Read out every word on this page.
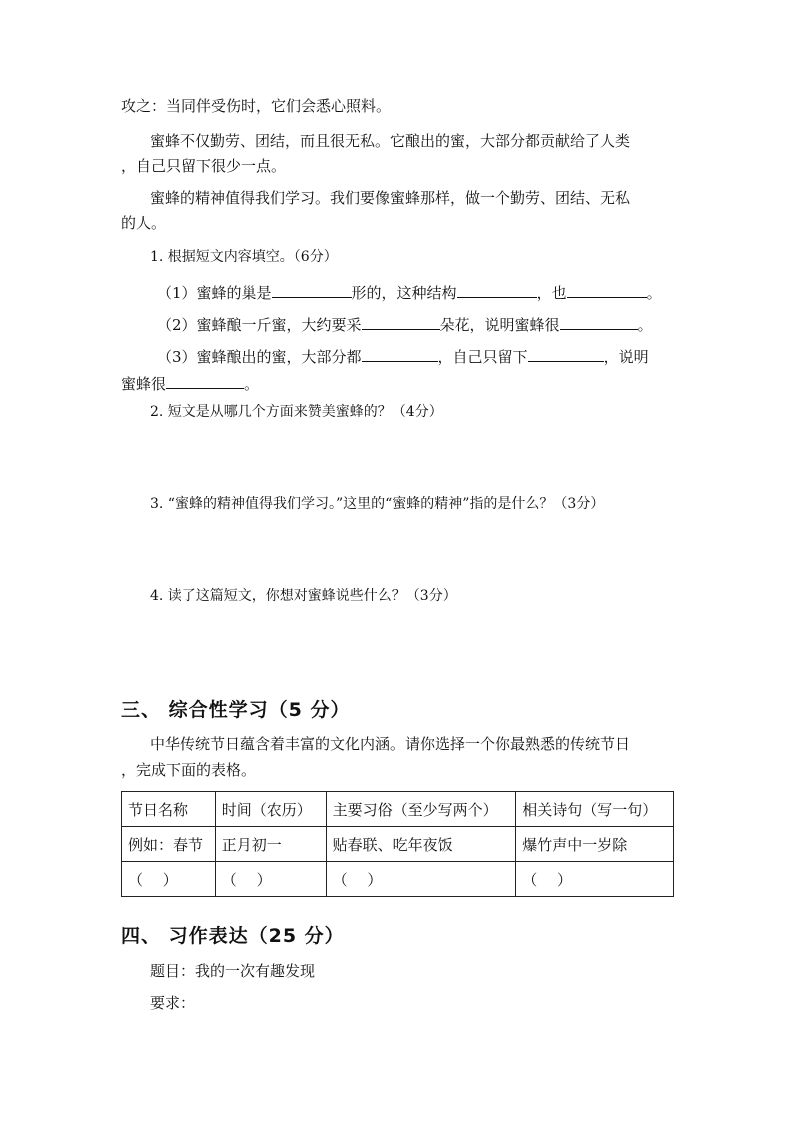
攻之：当同伴受伤时，它们会悉心照料。
蜜蜂不仅勤劳、团结，而且很无私。它酿出的蜜，大部分都贡献给了人类
，自己只留下很少一点。
蜜蜂的精神值得我们学习。我们要像蜜蜂那样，做一个勤劳、团结、无私
的人。
1. 根据短文内容填空。（6分）
（1）蜜蜂的巢是	形的，这种结构	，也	。
（2）蜜蜂酿一斤蜜，大约要采	朵花，说明蜜蜂很	。
（3）蜜蜂酿出的蜜，大部分都	，自己只留下	，说明
蜜蜂很	。
2. 短文是从哪几个方面来赞美蜜蜂的？（4分）
3. “蜜蜂的精神值得我们学习。”这里的“蜜蜂的精神”指的是什么？（3分）
4. 读了这篇短文，你想对蜜蜂说些什么？（3分）
三、 综合性学习（5 分）
中华传统节日蕴含着丰富的文化内涵。请你选择一个你最熟悉的传统节日
，完成下面的表格。
节日名称	时间（农历）	主要习俗（至少写两个）	相关诗句（写一句）
例如：春节	正月初一	贴春联、吃年夜饭	爆竹声中一岁除
（　 ）	（　 ）	（　 ）	（　 ）
四、 习作表达（25 分）
题目：我的一次有趣发现
要求：
